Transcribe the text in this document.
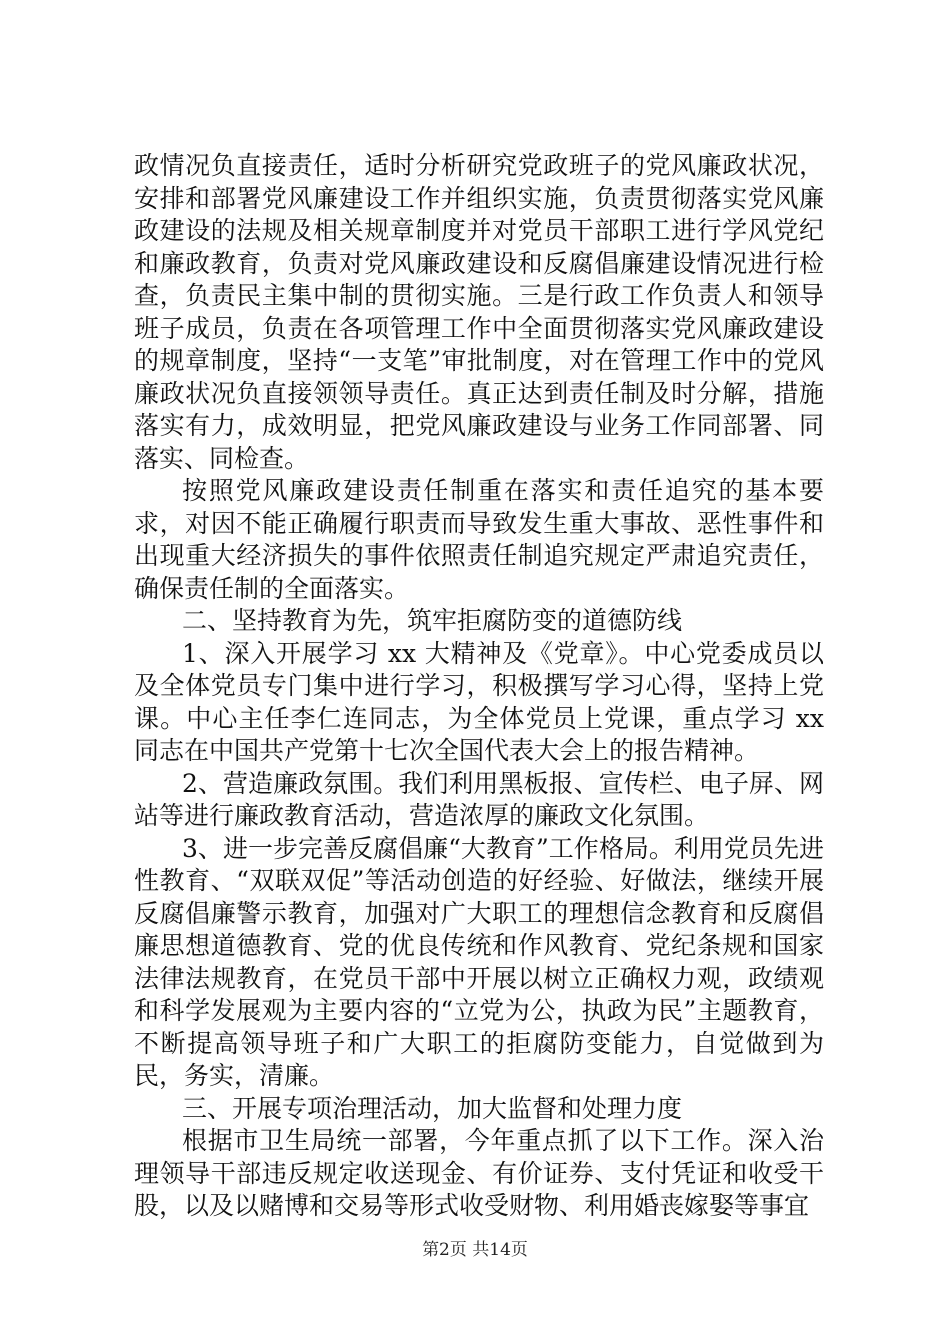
政情况负直接责任，适时分析研究党政班子的党风廉政状况，安排和部署党风廉建设工作并组织实施，负责贯彻落实党风廉政建设的法规及相关规章制度并对党员干部职工进行学风党纪和廉政教育，负责对党风廉政建设和反腐倡廉建设情况进行检查，负责民主集中制的贯彻实施。三是行政工作负责人和领导班子成员，负责在各项管理工作中全面贯彻落实党风廉政建设的规章制度，坚持“一支笔”审批制度，对在管理工作中的党风廉政状况负直接领领导责任。真正达到责任制及时分解，措施落实有力，成效明显，把党风廉政建设与业务工作同部署、同落实、同检查。

按照党风廉政建设责任制重在落实和责任追究的基本要求，对因不能正确履行职责而导致发生重大事故、恶性事件和出现重大经济损失的事件依照责任制追究规定严肃追究责任，确保责任制的全面落实。

二、坚持教育为先，筑牢拒腐防变的道德防线

1、深入开展学习 xx 大精神及《党章》。中心党委成员以及全体党员专门集中进行学习，积极撰写学习心得，坚持上党课。中心主任李仁连同志，为全体党员上党课，重点学习 xx 同志在中国共产党第十七次全国代表大会上的报告精神。

2、营造廉政氛围。我们利用黑板报、宣传栏、电子屏、网站等进行廉政教育活动，营造浓厚的廉政文化氛围。

3、进一步完善反腐倡廉“大教育”工作格局。利用党员先进性教育、“双联双促”等活动创造的好经验、好做法，继续开展反腐倡廉警示教育，加强对广大职工的理想信念教育和反腐倡廉思想道德教育、党的优良传统和作风教育、党纪条规和国家法律法规教育，在党员干部中开展以树立正确权力观，政绩观和科学发展观为主要内容的“立党为公，执政为民”主题教育，不断提高领导班子和广大职工的拒腐防变能力，自觉做到为民，务实，清廉。

三、开展专项治理活动，加大监督和处理力度

根据市卫生局统一部署，今年重点抓了以下工作。深入治理领导干部违反规定收送现金、有价证券、支付凭证和收受干股，以及以赌博和交易等形式收受财物、利用婚丧嫁娶等事宜

第2页 共14页
